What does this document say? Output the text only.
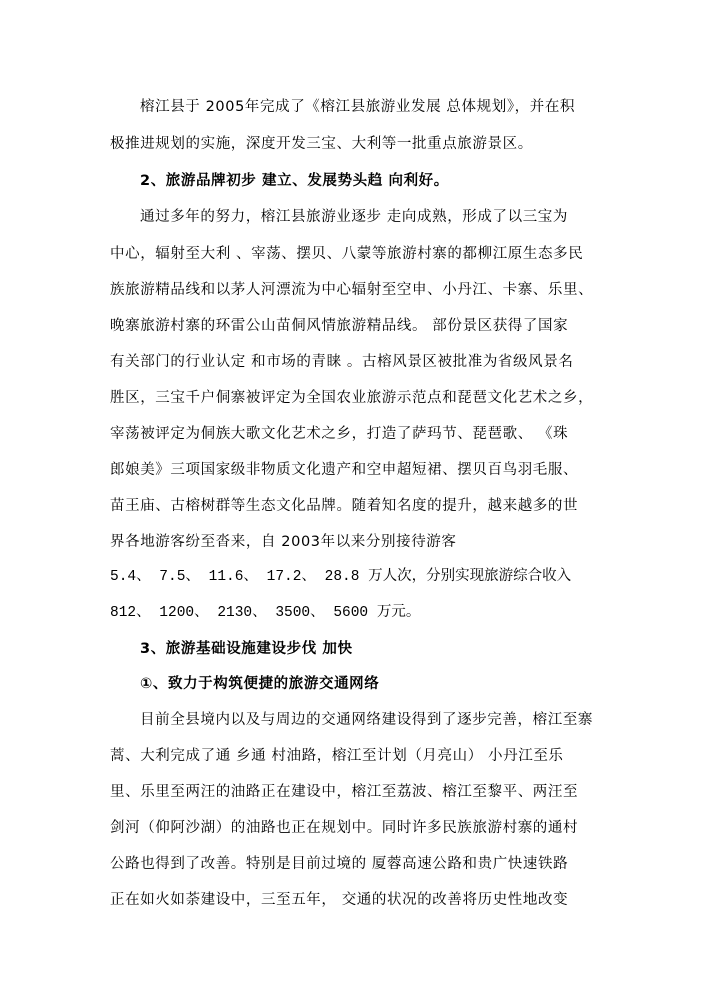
榕江县于 2005年完成了《榕江县旅游业发展 总体规划》，并在积
极推进规划的实施，深度开发三宝、大利等一批重点旅游景区。
2、旅游品牌初步 建立、发展势头趋 向利好。
通过多年的努力，榕江县旅游业逐步 走向成熟，形成了以三宝为
中心，辐射至大利 、宰荡、摆贝、八蒙等旅游村寨的都柳江原生态多民
族旅游精品线和以茅人河漂流为中心辐射至空申、小丹江、卡寨、乐里、
晚寨旅游村寨的环雷公山苗侗风情旅游精品线。 部份景区获得了国家
有关部门的行业认定 和市场的青睐 。古榕风景区被批准为省级风景名
胜区，三宝千户侗寨被评定为全国农业旅游示范点和琵琶文化艺术之乡，
宰荡被评定为侗族大歌文化艺术之乡，打造了萨玛节、琵琶歌、 《珠
郎娘美》三项国家级非物质文化遗产和空申超短裙、摆贝百鸟羽毛服、
苗王庙、古榕树群等生态文化品牌。随着知名度的提升，越来越多的世
界各地游客纷至沓来，自 2003年以来分别接待游客
5.4、 7.5、 11.6、 17.2、 28.8 万人次，分别实现旅游综合收入
812、 1200、 2130、 3500、 5600 万元。
3、旅游基础设施建设步伐 加快
①、致力于构筑便捷的旅游交通网络
目前全县境内以及与周边的交通网络建设得到了逐步完善，榕江至寨
蒿、大利完成了通 乡通 村油路，榕江至计划（月亮山） 小丹江至乐
里、乐里至两汪的油路正在建设中，榕江至荔波、榕江至黎平、两汪至
剑河（仰阿沙湖）的油路也正在规划中。同时许多民族旅游村寨的通村
公路也得到了改善。特别是目前过境的 厦蓉高速公路和贵广快速铁路
正在如火如荼建设中，三至五年， 交通的状况的改善将历史性地改变
